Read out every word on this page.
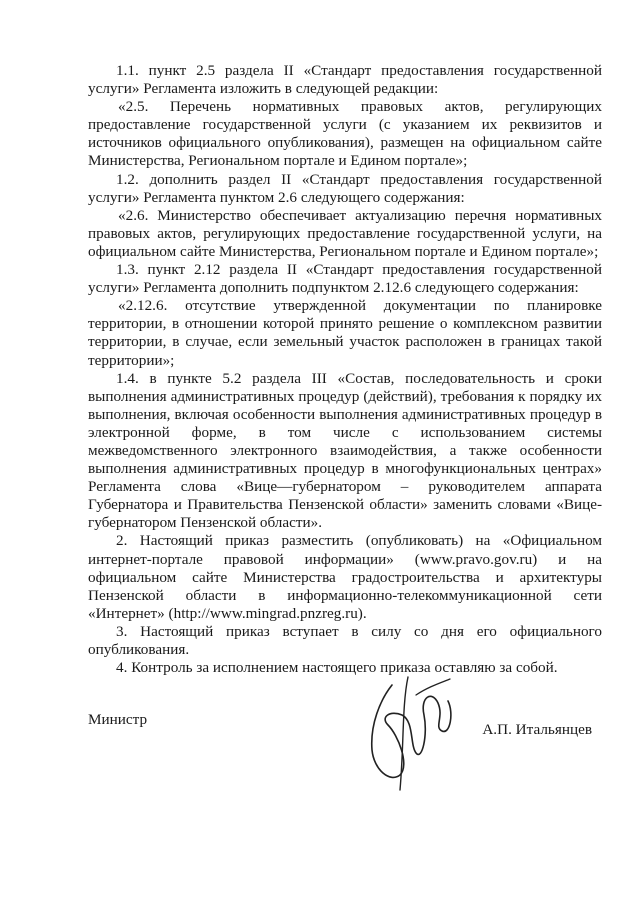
1.1. пункт 2.5 раздела II «Стандарт предоставления государственной услуги» Регламента изложить в следующей редакции:

«2.5. Перечень нормативных правовых актов, регулирующих предоставление государственной услуги (с указанием их реквизитов и источников официального опубликования), размещен на официальном сайте Министерства, Региональном портале и Едином портале»;

1.2. дополнить раздел II «Стандарт предоставления государственной услуги» Регламента пунктом 2.6 следующего содержания:

«2.6. Министерство обеспечивает актуализацию перечня нормативных правовых актов, регулирующих предоставление государственной услуги, на официальном сайте Министерства, Региональном портале и Едином портале»;

1.3. пункт 2.12 раздела II «Стандарт предоставления государственной услуги» Регламента дополнить подпунктом 2.12.6 следующего содержания:

«2.12.6. отсутствие утвержденной документации по планировке территории, в отношении которой принято решение о комплексном развитии территории, в случае, если земельный участок расположен в границах такой территории»;

1.4. в пункте 5.2 раздела III «Состав, последовательность и сроки выполнения административных процедур (действий), требования к порядку их выполнения, включая особенности выполнения административных процедур в электронной форме, в том числе с использованием системы межведомственного электронного взаимодействия, а также особенности выполнения административных процедур в многофункциональных центрах» Регламента слова «Вице—губернатором – руководителем аппарата Губернатора и Правительства Пензенской области» заменить словами «Вице-губернатором Пензенской области».

2. Настоящий приказ разместить (опубликовать) на «Официальном интернет-портале правовой информации» (www.pravo.gov.ru) и на официальном сайте Министерства градостроительства и архитектуры Пензенской области в информационно-телекоммуникационной сети «Интернет» (http://www.mingrad.pnzreg.ru).

3. Настоящий приказ вступает в силу со дня его официального опубликования.

4. Контроль за исполнением настоящего приказа оставляю за собой.

Министр
А.П. Итальянцев
